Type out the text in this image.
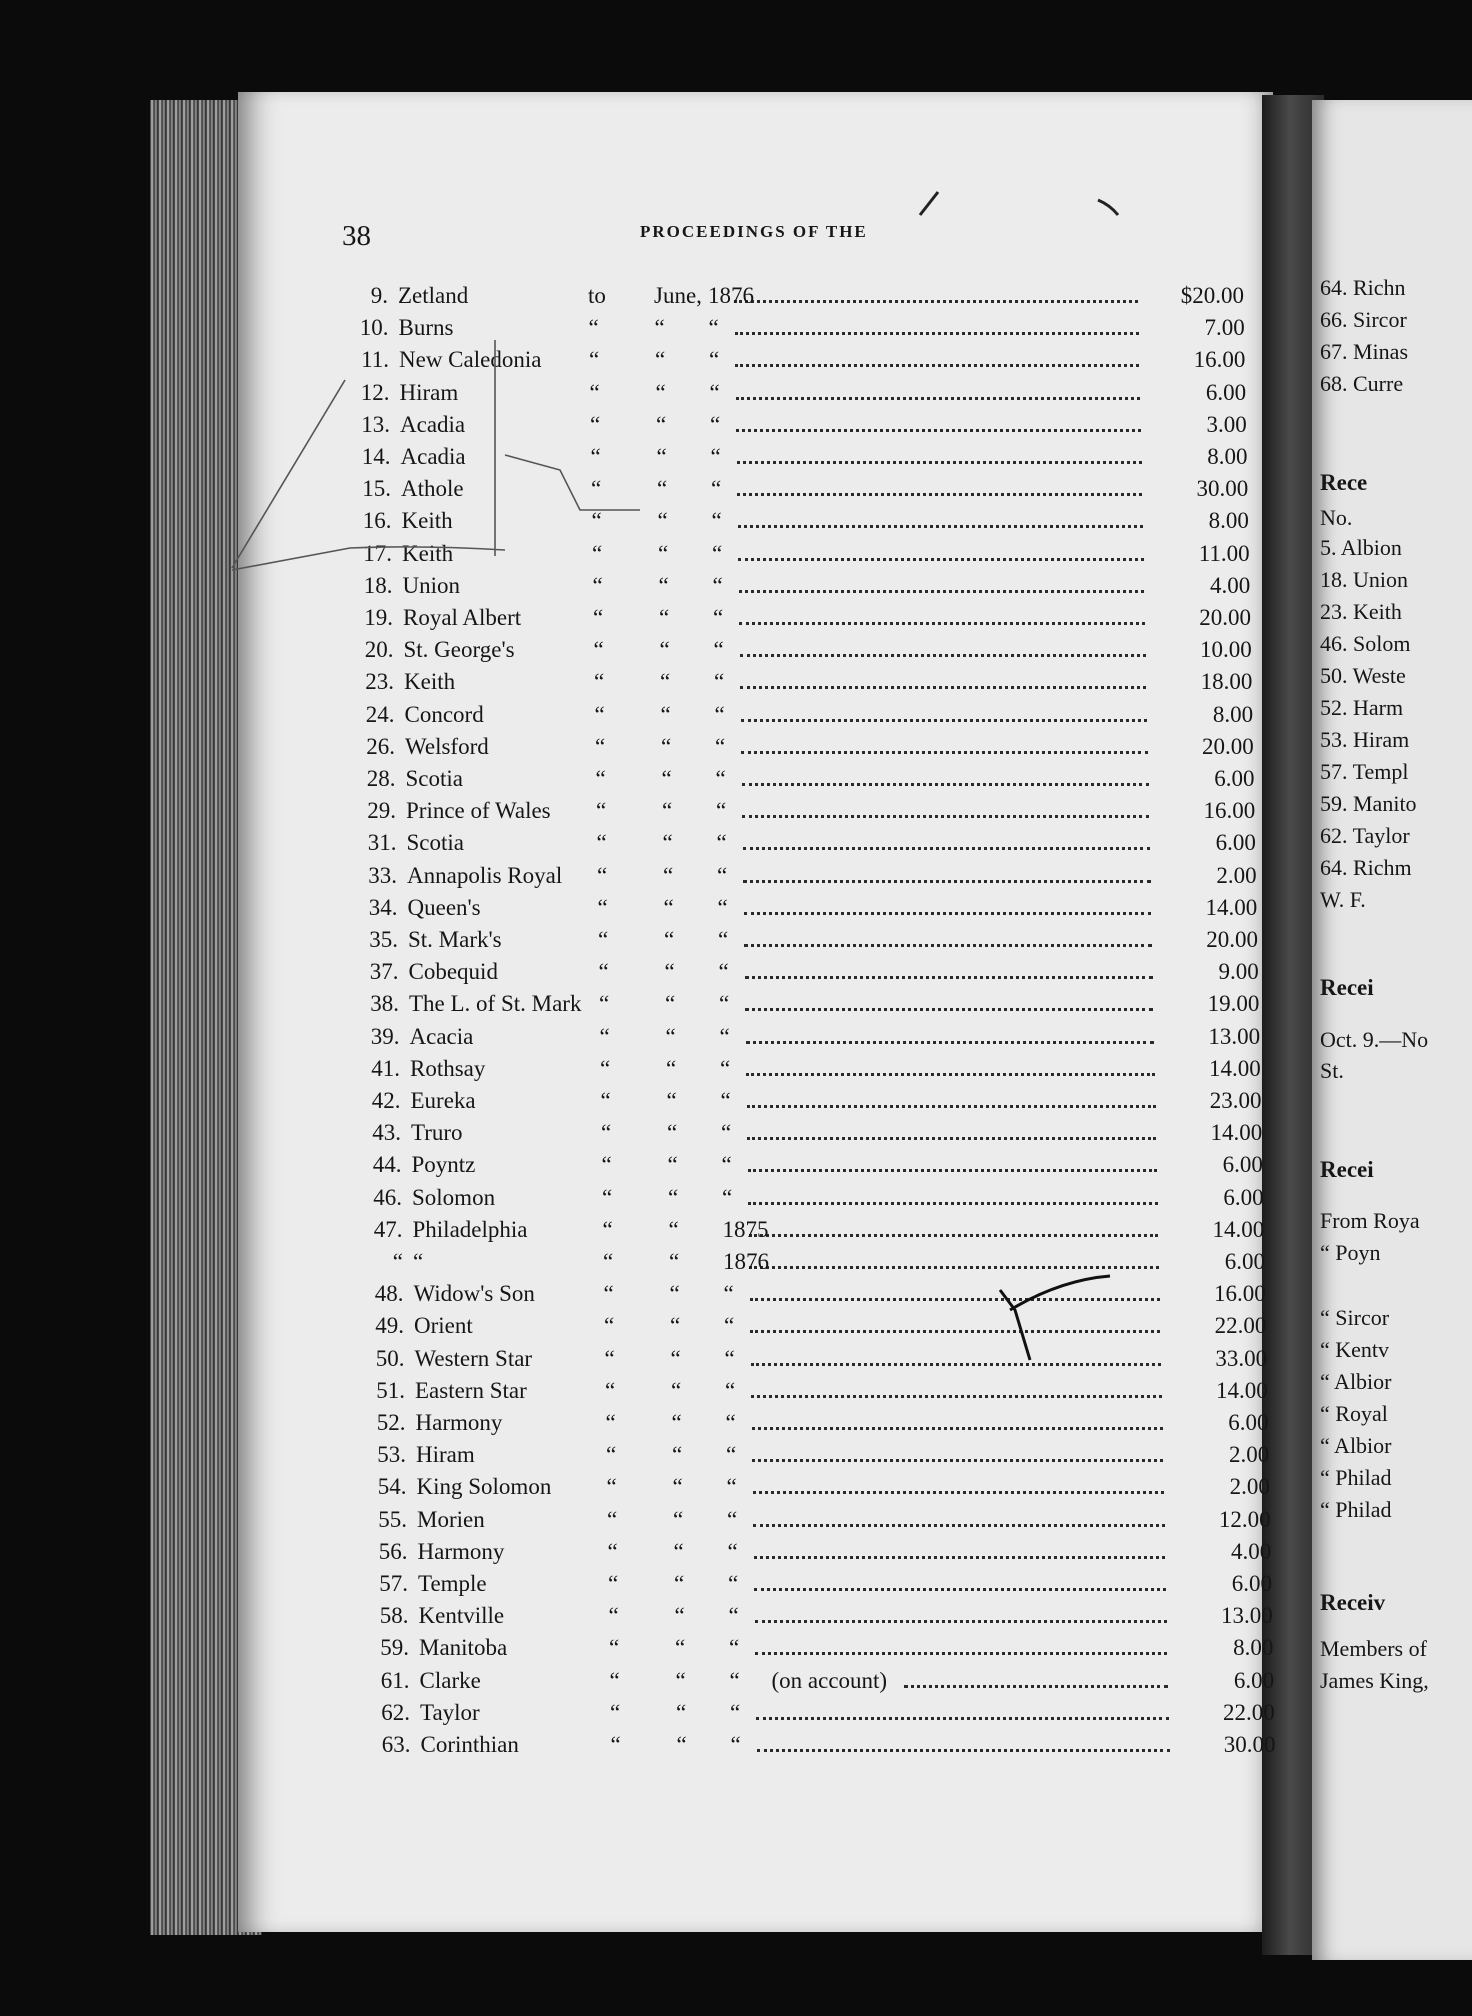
38	PROCEEDINGS OF THE
9. Zetland	to June, 1876	$20.00
10. Burns	“ “ “	7.00
11. New Caledonia “ “ “	16.00
12. Hiram	“ “ “	6.00
13. Acadia	“ “ “	3.00
14. Acadia	“ “ “	8.00
15. Athole	“ “ “	30.00
16. Keith	“ “ “	8.00
17. Keith	“ “ “	11.00
18. Union	“ “ “	4.00
19. Royal Albert	“ “ “	20.00
20. St. George's	“ “ “	10.00
23. Keith	“ “ “	18.00
24. Concord	“ “ “	8.00
26. Welsford	“ “ “	20.00
28. Scotia	“ “ “	6.00
29. Prince of Wales “ “ “	16.00
31. Scotia	“ “ “	6.00
33. Annapolis Royal “ “ “	2.00
34. Queen's	“ “ “	14.00
35. St. Mark's	“ “ “	20.00
37. Cobequid	“ “ “	9.00
38. The L. of St. Mark “ “ “	19.00
39. Acacia	“ “ “	13.00
41. Rothsay	“ “ “	14.00
42. Eureka	“ “ “	23.00
43. Truro	“ “ “	14.00
44. Poyntz	“ “ “	6.00
46. Solomon	“ “ “	6.00
47. Philadelphia	“ “ 1875	14.00
“ “	“ “ 1876	6.00
48. Widow's Son	“ “ “	16.00
49. Orient	“ “ “	22.00
50. Western Star	“ “ “	33.00
51. Eastern Star	“ “ “	14.00
52. Harmony	“ “ “	6.00
53. Hiram	“ “ “	2.00
54. King Solomon “ “ “	2.00
55. Morien	“ “ “	12.00
56. Harmony	“ “ “	4.00
57. Temple	“ “ “	6.00
58. Kentville	“ “ “	13.00
59. Manitoba	“ “ “	8.00
61. Clarke	“ “ “ (on account)	6.00
62. Taylor	“ “ “	22.00
63. Corinthian	“ “ “	30.00
64. Richn
66. Sircor
67. Minas
68. Curre
Rece
No.
5. Albion
18. Union
23. Keith
46. Solom
50. Weste
52. Harm
53. Hiram
57. Templ
59. Manito
62. Taylor
64. Richm
W. F.
Recei
Oct. 9.—No
St.
Recei
From Roya
“ Poyn
“ Sircor
“ Kentv
“ Albior
“ Royal
“ Albior
“ Philad
“ Philad
Receiv
Members of
James King,
